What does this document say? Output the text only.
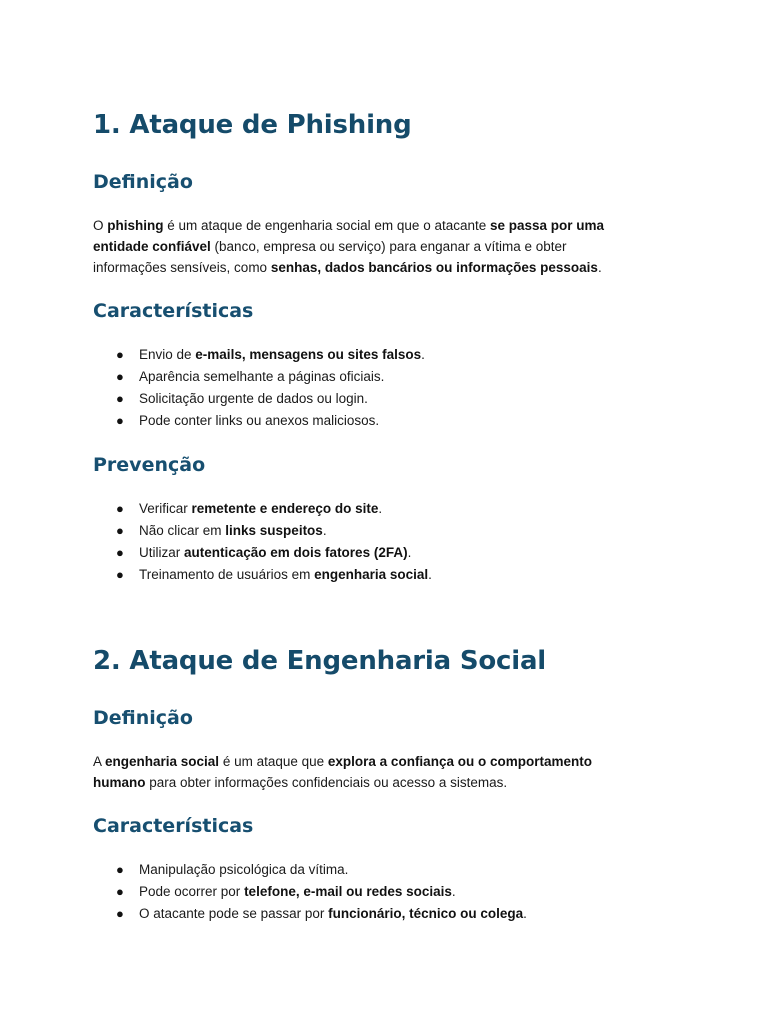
1. Ataque de Phishing
Definição
O phishing é um ataque de engenharia social em que o atacante se passa por uma
entidade confiável (banco, empresa ou serviço) para enganar a vítima e obter
informações sensíveis, como senhas, dados bancários ou informações pessoais.
Características
● Envio de e-mails, mensagens ou sites falsos.
● Aparência semelhante a páginas oficiais.
● Solicitação urgente de dados ou login.
● Pode conter links ou anexos maliciosos.
Prevenção
● Verificar remetente e endereço do site.
● Não clicar em links suspeitos.
● Utilizar autenticação em dois fatores (2FA).
● Treinamento de usuários em engenharia social.
2. Ataque de Engenharia Social
Definição
A engenharia social é um ataque que explora a confiança ou o comportamento
humano para obter informações confidenciais ou acesso a sistemas.
Características
● Manipulação psicológica da vítima.
● Pode ocorrer por telefone, e-mail ou redes sociais.
● O atacante pode se passar por funcionário, técnico ou colega.
